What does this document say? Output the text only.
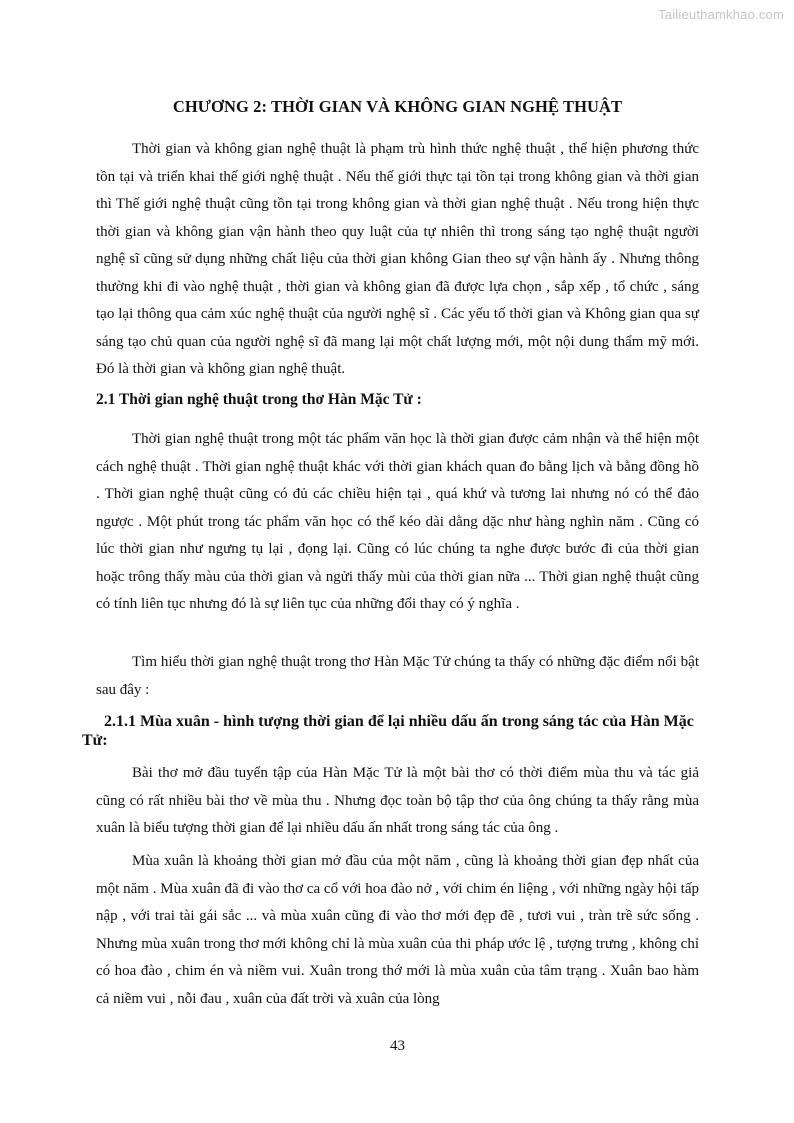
Tailieuthamkhao.com
CHƯƠNG 2: THỜI GIAN VÀ KHÔNG GIAN NGHỆ THUẬT

Thời gian và không gian nghệ thuật là phạm trù hình thức nghệ thuật , thể hiện phương thức tồn tại và triển khai thế giới nghệ thuật . Nếu thế giới thực tại tồn tại trong không gian và thời gian thì Thế giới nghệ thuật cũng tồn tại trong không gian và thời gian nghệ thuật . Nếu trong hiện thực thời gian và không gian vận hành theo quy luật của tự nhiên thì trong sáng tạo nghệ thuật người nghệ sĩ cũng sử dụng những chất liệu của thời gian không Gian theo sự vận hành ấy . Nhưng thông thường khi đi vào nghệ thuật , thời gian và không gian đã được lựa chọn , sắp xếp , tổ chức , sáng tạo lại thông qua cảm xúc nghệ thuật của người nghệ sĩ . Các yếu tố thời gian và Không gian qua sự sáng tạo chủ quan của người nghệ sĩ đã mang lại một chất lượng mới, một nội dung thẩm mỹ mới. Đó là thời gian và không gian nghệ thuật.

2.1 Thời gian nghệ thuật trong thơ Hàn Mặc Tử :

Thời gian nghệ thuật trong một tác phẩm văn học là thời gian được cảm nhận và thể hiện một cách nghệ thuật . Thời gian nghệ thuật khác với thời gian khách quan đo bằng lịch và bằng đồng hồ . Thời gian nghệ thuật cũng có đủ các chiều hiện tại , quá khứ và tương lai nhưng nó có thể đảo ngược . Một phút trong tác phẩm văn học có thể kéo dài dằng dặc như hàng nghìn năm . Cũng có lúc thời gian như ngưng tụ lại , đọng lại. Cũng có lúc chúng ta nghe được bước đi của thời gian hoặc trông thấy màu của thời gian và ngửi thấy mùi của thời gian nữa ... Thời gian nghệ thuật cũng có tính liên tục nhưng đó là sự liên tục của những đổi thay có ý nghĩa .

Tìm hiểu thời gian nghệ thuật trong thơ Hàn Mặc Tử chúng ta thấy có những đặc điểm nổi bật sau đây :

2.1.1 Mùa xuân - hình tượng thời gian để lại nhiều dấu ấn trong sáng tác của Hàn Mặc Tử:

Bài thơ mở đầu tuyển tập của Hàn Mặc Tử là một bài thơ có thời điểm mùa thu và tác giả cũng có rất nhiều bài thơ về mùa thu . Nhưng đọc toàn bộ tập thơ của ông chúng ta thấy rằng mùa xuân là biểu tượng thời gian để lại nhiều dấu ấn nhất trong sáng tác của ông .

Mùa xuân là khoảng thời gian mở đầu của một năm , cũng là khoảng thời gian đẹp nhất của một năm . Mùa xuân đã đi vào thơ ca cổ với hoa đào nở , với chim én liệng , với những ngày hội tấp nập , với trai tài gái sắc ... và mùa xuân cũng đi vào thơ mới đẹp đẽ , tươi vui , tràn trề sức sống . Nhưng mùa xuân trong thơ mới không chỉ là mùa xuân của thi pháp ước lệ , tượng trưng , không chỉ có hoa đào , chim én và niềm vui. Xuân trong thớ mới là mùa xuân của tâm trạng . Xuân bao hàm cả niềm vui , nỗi đau , xuân của đất trời và xuân của lòng

43
